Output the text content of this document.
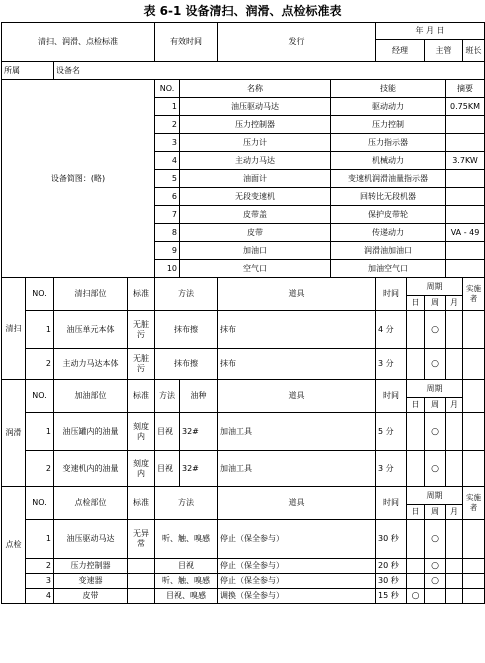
表 6-1 设备清扫、润滑、点检标准表
清扫、润滑、点检标准				有效时间		发行		年 月 日				
								经理		主管		班长
所属		设备名										
设备简图：(略)				NO.	名称		技能				摘要	
				1	油压驱动马达		驱动动力				0.75KM	
				2	压力控制器		压力控制					
				3	压力计		压力指示器					
				4	主动力马达		机械动力				3.7KW	
				5	油面计		变速机润滑油量指示器					
				6	无段变速机		回转比无段机器					
				7	皮带盖		保护皮带轮					
				8	皮带		传递动力				VA - 49	
				9	加油口		润滑油加油口					
				10	空气口		加油空气口					
清扫	NO.	清扫部位	标准	方法		道具		时间	周期			实施者
									日	周	月	
	1	油压单元本体	无脏污	抹布擦		抹布		4 分		○		
	2	主动力马达本体	无脏污	抹布擦		抹布		3 分		○		
润滑	NO.	加油部位	标准	方法	油种	道具		时间	周期			
									日	周	月	
	1	油压罐内的油量	刻度内	目视	32#	加油工具		5 分		○		
	2	变速机内的油量	刻度内	目视	32#	加油工具		3 分		○		
点检	NO.	点检部位	标准	方法		道具		时间	周期			实施者
									日	周	月	
	1	油压驱动马达	无异常	听、触、嗅感		停止（保全参与）		30 秒		○		
	2	压力控制器		目视		停止（保全参与）		20 秒		○		
	3	变速器		听、触、嗅感		停止（保全参与）		30 秒		○		
	4	皮带		目视、嗅感		调换（保全参与）		15 秒	○			
